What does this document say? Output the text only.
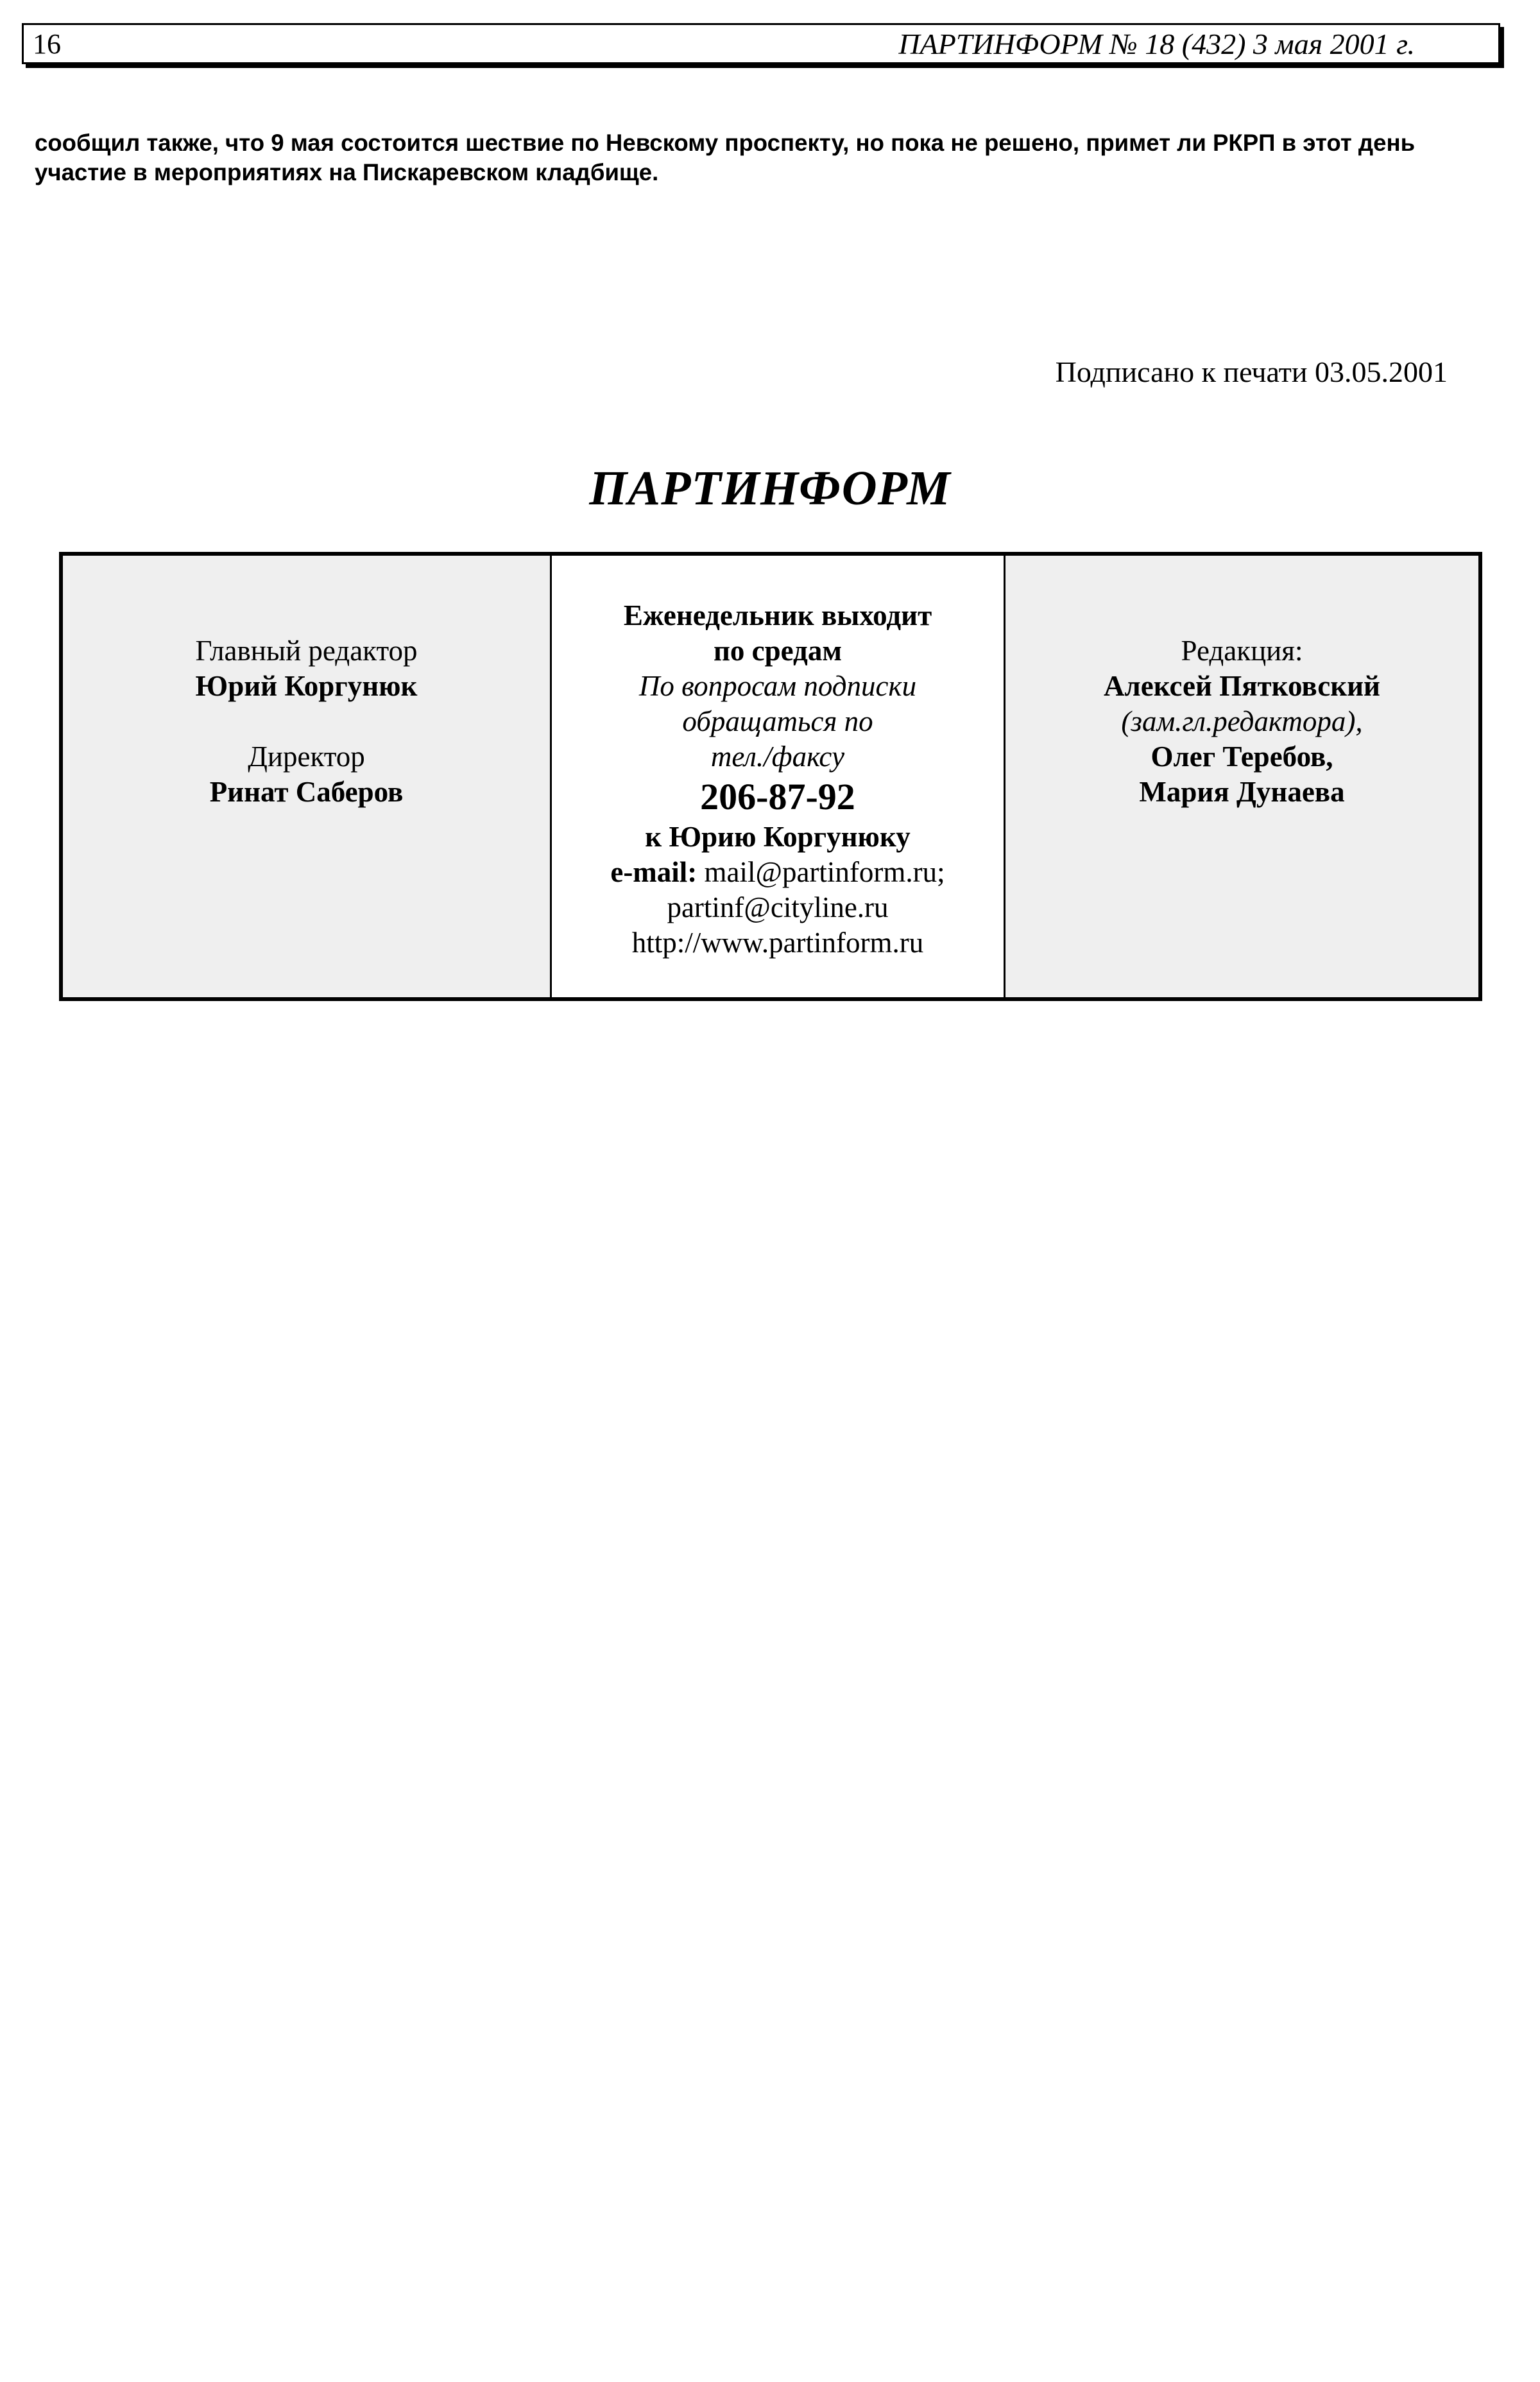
16	ПАРТИНФОРМ № 18 (432) 3 мая 2001 г.
сообщил также, что 9 мая состоится шествие по Невскому проспекту, но пока не решено, примет ли РКРП в этот день участие в мероприятиях на Пискаревском кладбище.
Подписано к печати 03.05.2001
ПАРТИНФОРМ
Главный редактор
Юрий Коргунюк
Директор
Ринат Саберов
Еженедельник выходит
по средам
По вопросам подписки
обращаться по
тел./факсу
206-87-92
к Юрию Коргунюку
e-mail: mail@partinform.ru;
partinf@cityline.ru
http://www.partinform.ru
Редакция:
Алексей Пятковский
(зам.гл.редактора),
Олег Теребов,
Мария Дунаева
